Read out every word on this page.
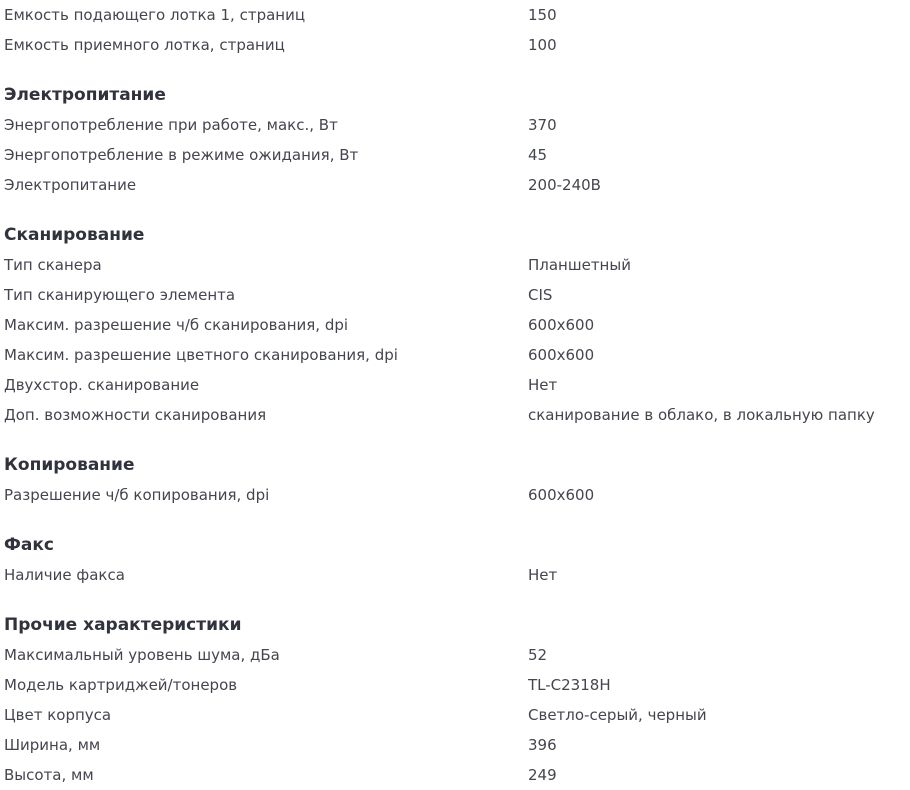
Емкость подающего лотка 1, страниц	150
Емкость приемного лотка, страниц	100
Электропитание
Энергопотребление при работе, макс., Вт	370
Энергопотребление в режиме ожидания, Вт	45
Электропитание	200-240В
Сканирование
Тип сканера	Планшетный
Тип сканирующего элемента	CIS
Максим. разрешение ч/б сканирования, dpi	600x600
Максим. разрешение цветного сканирования, dpi	600x600
Двухстор. сканирование	Нет
Доп. возможности сканирования	сканирование в облако, в локальную папку
Копирование
Разрешение ч/б копирования, dpi	600x600
Факс
Наличие факса	Нет
Прочие характеристики
Максимальный уровень шума, дБа	52
Модель картриджей/тонеров	TL-C2318H
Цвет корпуса	Светло-серый, черный
Ширина, мм	396
Высота, мм	249
